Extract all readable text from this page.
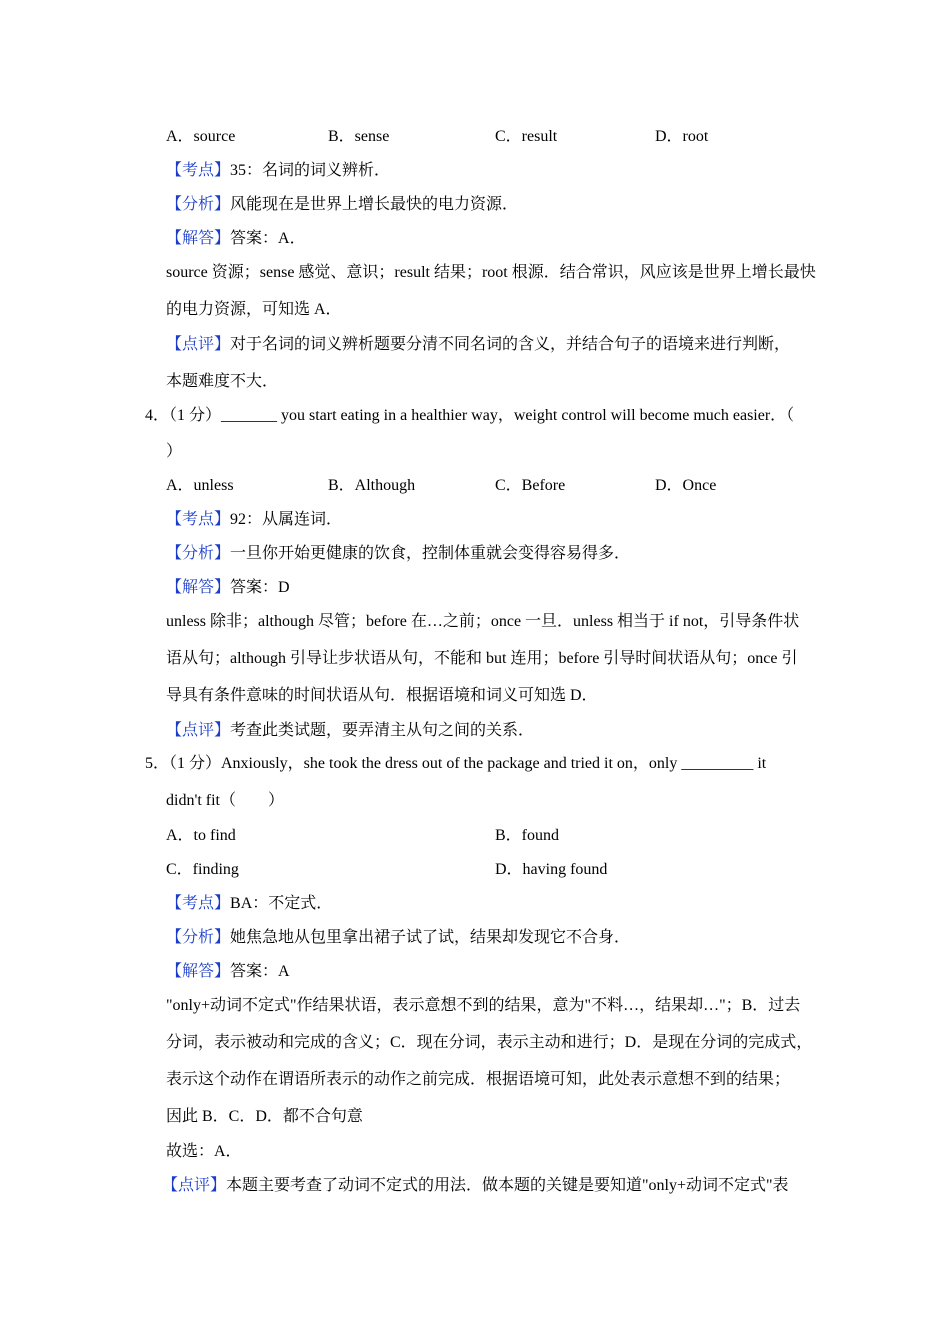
A．source	B．sense	C．result	D．root
【考点】35：名词的词义辨析．
【分析】风能现在是世界上增长最快的电力资源．
【解答】答案：A．
source 资源；sense 感觉、意识；result 结果；root 根源．结合常识，风应该是世界上增长最快
的电力资源，可知选 A．
【点评】对于名词的词义辨析题要分清不同名词的含义，并结合句子的语境来进行判断，
本题难度不大．
4．（1 分）_______ you start eating in a healthier way，weight control will become much easier．（
）
A．unless	B．Although	C．Before	D．Once
【考点】92：从属连词．
【分析】一旦你开始更健康的饮食，控制体重就会变得容易得多．
【解答】答案：D
unless 除非；although 尽管；before 在…之前；once 一旦．unless 相当于 if not，引导条件状
语从句；although 引导让步状语从句，不能和 but 连用；before 引导时间状语从句；once 引
导具有条件意味的时间状语从句．根据语境和词义可知选 D．
【点评】考查此类试题，要弄清主从句之间的关系．
5．（1 分）Anxiously，she took the dress out of the package and tried it on，only _________ it
didn't fit（　　）
A．to find	B．found
C．finding	D．having found
【考点】BA：不定式．
【分析】她焦急地从包里拿出裙子试了试，结果却发现它不合身．
【解答】答案：A
"only+动词不定式"作结果状语，表示意想不到的结果，意为"不料…，结果却…"；B．过去
分词，表示被动和完成的含义；C．现在分词，表示主动和进行；D．是现在分词的完成式，
表示这个动作在谓语所表示的动作之前完成．根据语境可知，此处表示意想不到的结果；
因此 B．C．D．都不合句意
故选：A．
【点评】本题主要考查了动词不定式的用法．做本题的关键是要知道"only+动词不定式"表
